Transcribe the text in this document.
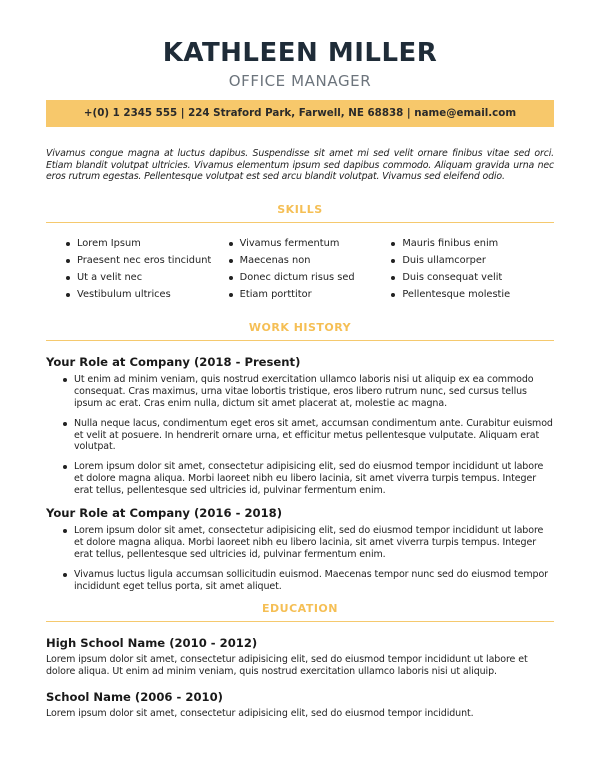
KATHLEEN MILLER
OFFICE MANAGER
+(0) 1 2345 555 | 224 Straford Park, Farwell, NE 68838 | name@email.com

Vivamus congue magna at luctus dapibus. Suspendisse sit amet mi sed velit ornare finibus vitae sed orci. Etiam blandit volutpat ultricies. Vivamus elementum ipsum sed dapibus commodo. Aliquam gravida urna nec eros rutrum egestas. Pellentesque volutpat est sed arcu blandit volutpat. Vivamus sed eleifend odio.

SKILLS
Lorem Ipsum
Praesent nec eros tincidunt
Ut a velit nec
Vestibulum ultrices
Vivamus fermentum
Maecenas non
Donec dictum risus sed
Etiam porttitor
Mauris finibus enim
Duis ullamcorper
Duis consequat velit
Pellentesque molestie
WORK HISTORY
Your Role at Company (2018 - Present)
Ut enim ad minim veniam, quis nostrud exercitation ullamco laboris nisi ut aliquip ex ea commodo consequat. Cras maximus, urna vitae lobortis tristique, eros libero rutrum nunc, sed cursus tellus ipsum ac erat. Cras enim nulla, dictum sit amet placerat at, molestie ac magna.
Nulla neque lacus, condimentum eget eros sit amet, accumsan condimentum ante. Curabitur euismod et velit at posuere. In hendrerit ornare urna, et efficitur metus pellentesque vulputate. Aliquam erat volutpat.
Lorem ipsum dolor sit amet, consectetur adipisicing elit, sed do eiusmod tempor incididunt ut labore et dolore magna aliqua. Morbi laoreet nibh eu libero lacinia, sit amet viverra turpis tempus. Integer erat tellus, pellentesque sed ultricies id, pulvinar fermentum enim.
Your Role at Company (2016 - 2018)
Lorem ipsum dolor sit amet, consectetur adipisicing elit, sed do eiusmod tempor incididunt ut labore et dolore magna aliqua. Morbi laoreet nibh eu libero lacinia, sit amet viverra turpis tempus. Integer erat tellus, pellentesque sed ultricies id, pulvinar fermentum enim.
Vivamus luctus ligula accumsan sollicitudin euismod. Maecenas tempor nunc sed do eiusmod tempor incididunt eget tellus porta, sit amet aliquet.
EDUCATION
High School Name (2010 - 2012)

Lorem ipsum dolor sit amet, consectetur adipisicing elit, sed do eiusmod tempor incididunt ut labore et dolore aliqua. Ut enim ad minim veniam, quis nostrud exercitation ullamco laboris nisi ut aliquip.

School Name (2006 - 2010)

Lorem ipsum dolor sit amet, consectetur adipisicing elit, sed do eiusmod tempor incididunt.
